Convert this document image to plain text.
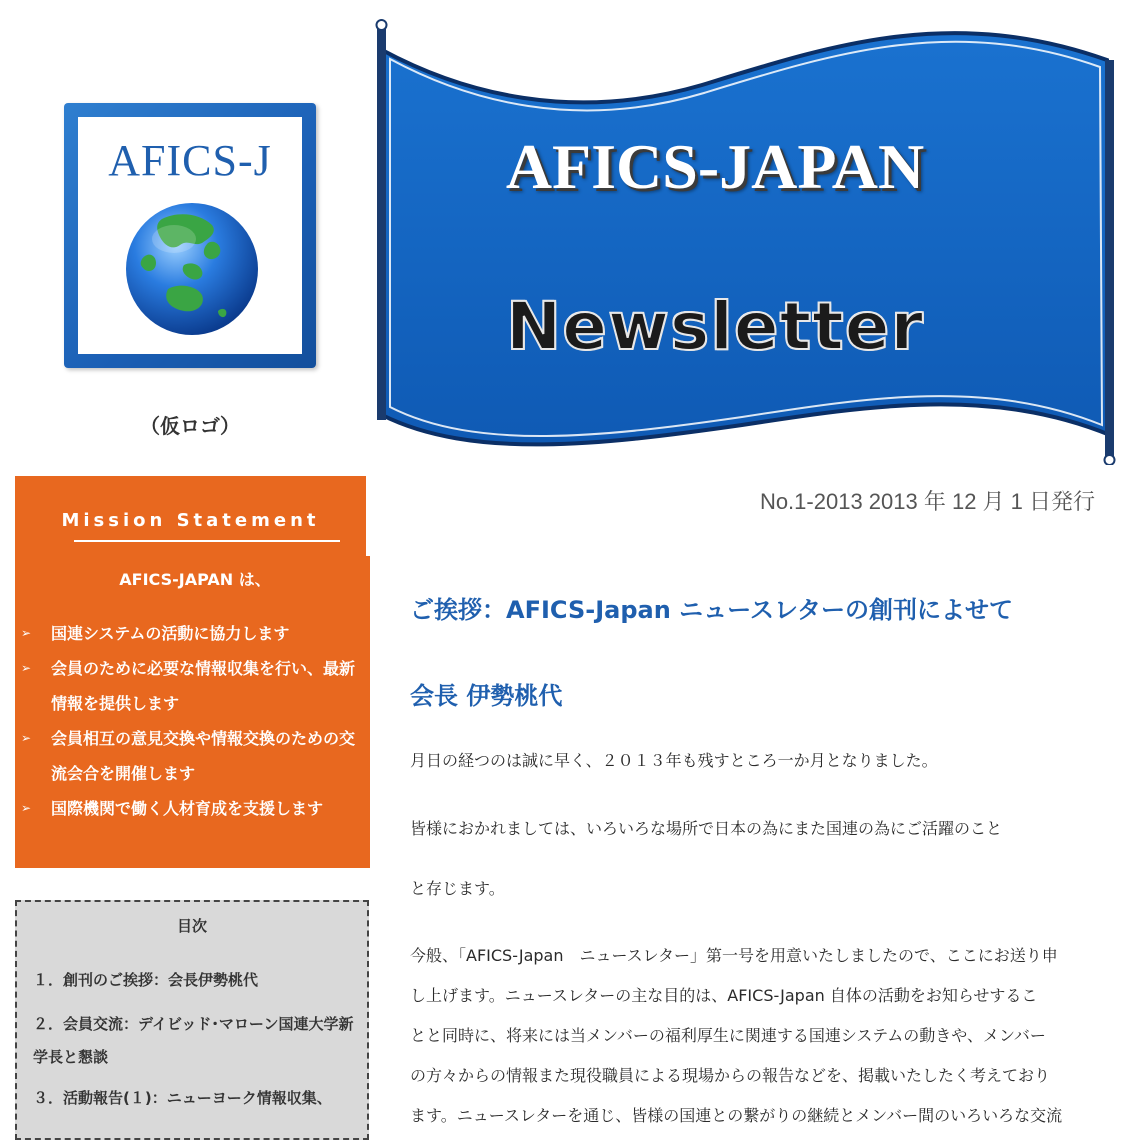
AFICS-J
（仮ロゴ）
AFICS-JAPAN
Newsletter
No.1-2013 2013 年 12 月 1 日発行
Mission Statement
AFICS-JAPAN は、
➢ 国連システムの活動に協力します
➢ 会員のために必要な情報収集を行い、最新情報を提供します
➢ 会員相互の意見交換や情報交換のための交流会合を開催します
➢ 国際機関で働く人材育成を支援します
目次
１．創刊のご挨拶：会長伊勢桃代
２．会員交流：デイビッド･マローン国連大学新学長と懇談
３．活動報告(１)：ニューヨーク情報収集、
ご挨拶：AFICS-Japan ニュースレターの創刊によせて
会長 伊勢桃代
月日の経つのは誠に早く、２０１３年も残すところ一か月となりました。
皆様におかれましては、いろいろな場所で日本の為にまた国連の為にご活躍のこと
と存じます。
今般、「AFICS-Japan　ニュースレター」第一号を用意いたしましたので、ここにお送り申
し上げます。ニュースレターの主な目的は、AFICS-Japan 自体の活動をお知らせするこ
とと同時に、将来には当メンバーの福利厚生に関連する国連システムの動きや、メンバー
の方々からの情報また現役職員による現場からの報告などを、掲載いたしたく考えており
ます。ニュースレターを通じ、皆様の国連との繋がりの継続とメンバー間のいろいろな交流
